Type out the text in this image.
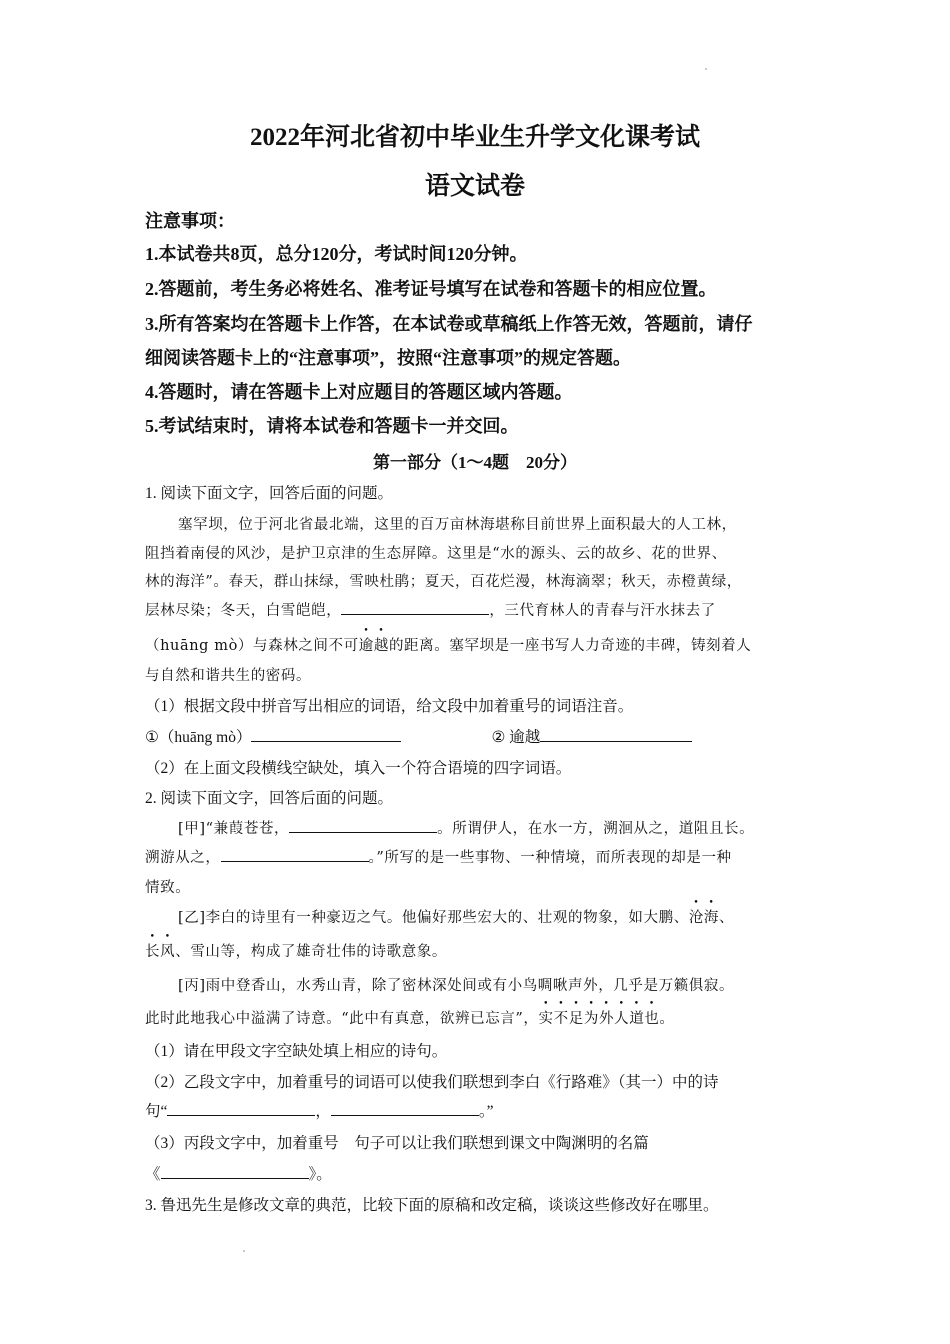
2022年河北省初中毕业生升学文化课考试
语文试卷
注意事项：
1.本试卷共8页，总分120分，考试时间120分钟。
2.答题前，考生务必将姓名、准考证号填写在试卷和答题卡的相应位置。
3.所有答案均在答题卡上作答，在本试卷或草稿纸上作答无效，答题前，请仔
细阅读答题卡上的“注意事项”，按照“注意事项”的规定答题。
4.答题时，请在答题卡上对应题目的答题区域内答题。
5.考试结束时，请将本试卷和答题卡一并交回。
第一部分（1～4题　20分）
1. 阅读下面文字，回答后面的问题。
塞罕坝，位于河北省最北端，这里的百万亩林海堪称目前世界上面积最大的人工林，
阻挡着南侵的风沙，是护卫京津的生态屏障。这里是“水的源头、云的故乡、花的世界、
林的海洋”。春天，群山抹绿，雪映杜鹃；夏天，百花烂漫，林海滴翠；秋天，赤橙黄绿，
层林尽染；冬天，白雪皑皑，	，三代育林人的青春与汗水抹去了
（huāng mò）与森林之间不可逾越的距离。塞罕坝是一座书写人力奇迹的丰碑，铸刻着人
与自然和谐共生的密码。
（1）根据文段中拼音写出相应的词语，给文段中加着重号的词语注音。
①（huāng mò）	② 逾越
（2）在上面文段横线空缺处，填入一个符合语境的四字词语。
2. 阅读下面文字，回答后面的问题。
[甲]“兼葭苍苍，	。所谓伊人，在水一方，溯洄从之，道阻且长。
溯游从之，	。”所写的是一些事物、一种情境，而所表现的却是一种
情致。
[乙]李白的诗里有一种豪迈之气。他偏好那些宏大的、壮观的物象，如大鹏、沧海、
长风、雪山等，构成了雄奇壮伟的诗歌意象。
[丙]雨中登香山，水秀山青，除了密林深处间或有小鸟啁啾声外，几乎是万籁俱寂。
此时此地我心中溢满了诗意。“此中有真意，欲辨已忘言”，实不足为外人道也。
（1）请在甲段文字空缺处填上相应的诗句。
（2）乙段文字中，加着重号的词语可以使我们联想到李白《行路难》（其一）中的诗
句“	，	。”
（3）丙段文字中，加着重号　句子可以让我们联想到课文中陶渊明的名篇
《	》。
3. 鲁迅先生是修改文章的典范，比较下面的原稿和改定稿，谈谈这些修改好在哪里。
